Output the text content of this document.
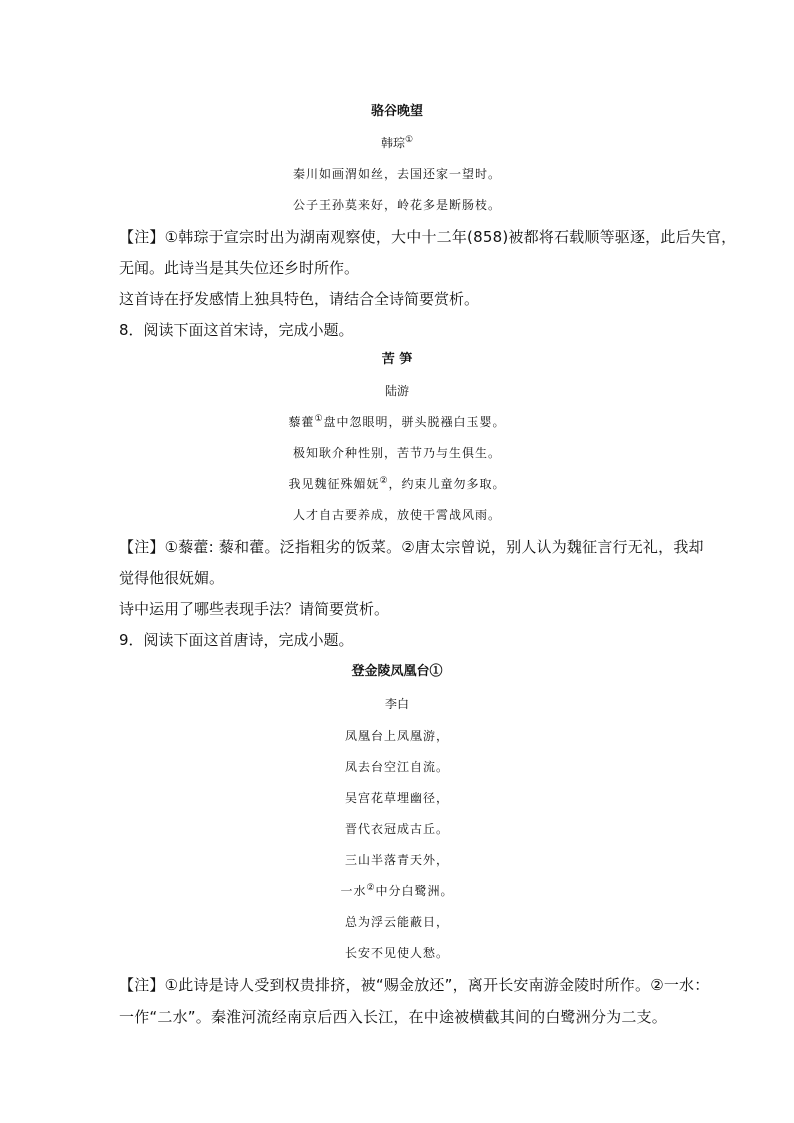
骆谷晚望
韩琮①
秦川如画渭如丝，去国还家一望时。
公子王孙莫来好，岭花多是断肠枝。
【注】①韩琮于宣宗时出为湖南观察使，大中十二年(858)被都将石载顺等驱逐，此后失官，
无闻。此诗当是其失位还乡时所作。
这首诗在抒发感情上独具特色，请结合全诗简要赏析。
8．阅读下面这首宋诗，完成小题。
苦 笋
陆游
藜藿①盘中忽眼明，骈头脱襁白玉婴。
极知耿介种性别，苦节乃与生俱生。
我见魏征殊媚妩②，约束儿童勿多取。
人才自古要养成，放使干霄战风雨。
【注】①藜藿: 藜和藿。泛指粗劣的饭菜。②唐太宗曾说，别人认为魏征言行无礼，我却
觉得他很妩媚。
诗中运用了哪些表现手法？请简要赏析。
9．阅读下面这首唐诗，完成小题。
登金陵凤凰台①
李白
凤凰台上凤凰游，
凤去台空江自流。
吴宫花草埋幽径，
晋代衣冠成古丘。
三山半落青天外，
一水②中分白鹭洲。
总为浮云能蔽日，
长安不见使人愁。
【注】①此诗是诗人受到权贵排挤，被“赐金放还”，离开长安南游金陵时所作。②一水：
一作“二水”。秦淮河流经南京后西入长江，在中途被横截其间的白鹭洲分为二支。
